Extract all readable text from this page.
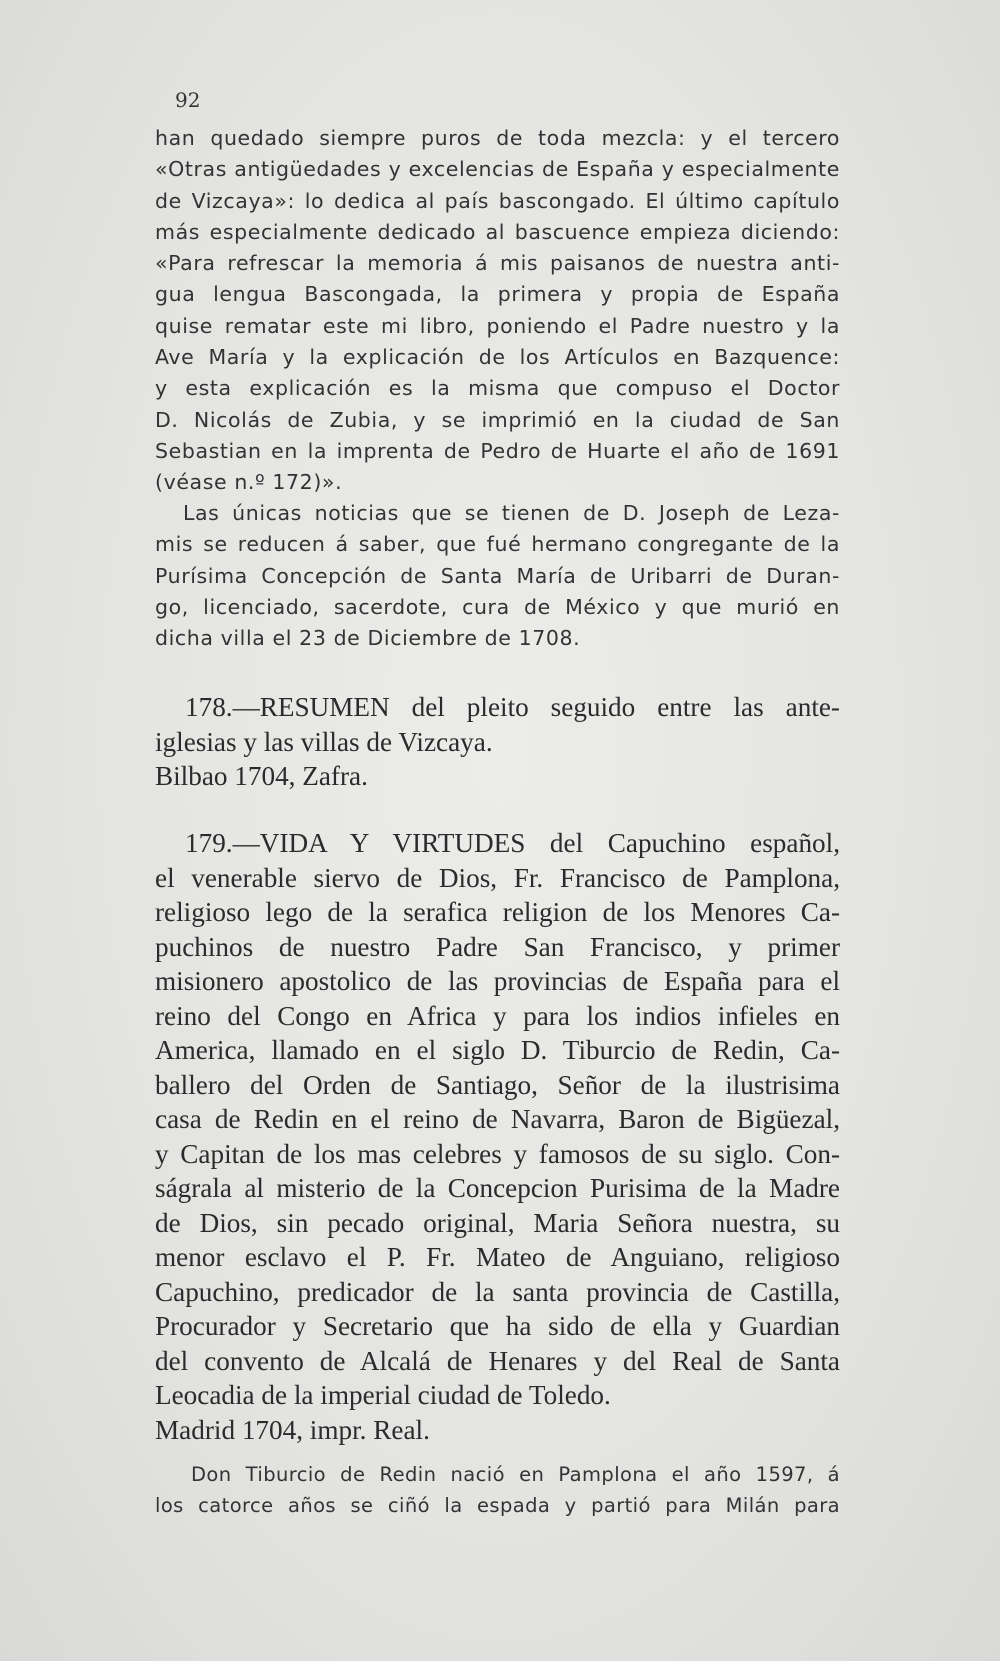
92
han quedado siempre puros de toda mezcla: y el tercero
«Otras antigüedades y excelencias de España y especialmente
de Vizcaya»: lo dedica al país bascongado. El último capítulo
más especialmente dedicado al bascuence empieza diciendo:
«Para refrescar la memoria á mis paisanos de nuestra anti-
gua lengua Bascongada, la primera y propia de España
quise rematar este mi libro, poniendo el Padre nuestro y la
Ave María y la explicación de los Artículos en Bazquence:
y esta explicación es la misma que compuso el Doctor
D. Nicolás de Zubia, y se imprimió en la ciudad de San
Sebastian en la imprenta de Pedro de Huarte el año de 1691
(véase n.º 172)».
Las únicas noticias que se tienen de D. Joseph de Leza-
mis se reducen á saber, que fué hermano congregante de la
Purísima Concepción de Santa María de Uribarri de Duran-
go, licenciado, sacerdote, cura de México y que murió en
dicha villa el 23 de Diciembre de 1708.
178.—RESUMEN del pleito seguido entre las ante-
iglesias y las villas de Vizcaya.
Bilbao 1704, Zafra.
179.—VIDA Y VIRTUDES del Capuchino español,
el venerable siervo de Dios, Fr. Francisco de Pamplona,
religioso lego de la serafica religion de los Menores Ca-
puchinos de nuestro Padre San Francisco, y primer
misionero apostolico de las provincias de España para el
reino del Congo en Africa y para los indios infieles en
America, llamado en el siglo D. Tiburcio de Redin, Ca-
ballero del Orden de Santiago, Señor de la ilustrisima
casa de Redin en el reino de Navarra, Baron de Bigüezal,
y Capitan de los mas celebres y famosos de su siglo. Con-
ságrala al misterio de la Concepcion Purisima de la Madre
de Dios, sin pecado original, Maria Señora nuestra, su
menor esclavo el P. Fr. Mateo de Anguiano, religioso
Capuchino, predicador de la santa provincia de Castilla,
Procurador y Secretario que ha sido de ella y Guardian
del convento de Alcalá de Henares y del Real de Santa
Leocadia de la imperial ciudad de Toledo.
Madrid 1704, impr. Real.
Don Tiburcio de Redin nació en Pamplona el año 1597, á
los catorce años se ciñó la espada y partió para Milán para
